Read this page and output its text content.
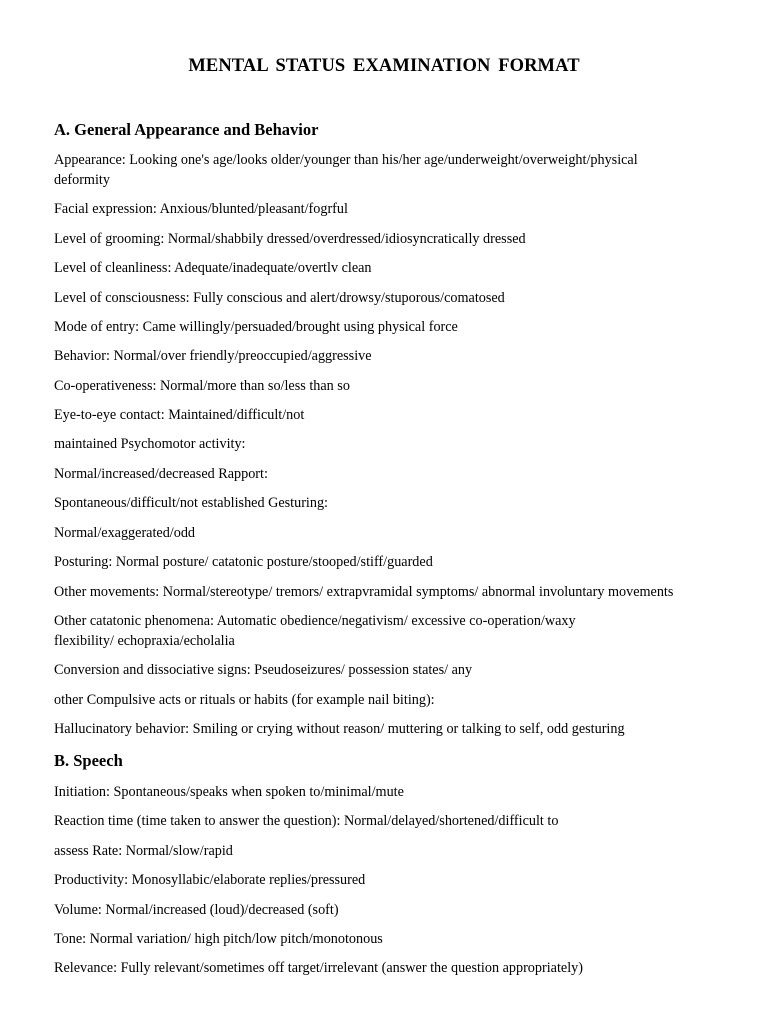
MENTAL STATUS EXAMINATION FORMAT
A. General Appearance and Behavior
Appearance: Looking one's age/looks older/younger than his/her age/underweight/overweight/physical deformity
Facial expression: Anxious/blunted/pleasant/fogrful
Level of grooming: Normal/shabbily dressed/overdressed/idiosyncratically dressed
Level of cleanliness: Adequate/inadequate/overtlv clean
Level of consciousness: Fully conscious and alert/drowsy/stuporous/comatosed
Mode of entry: Came willingly/persuaded/brought using physical force
Behavior: Normal/over friendly/preoccupied/aggressive
Co-operativeness: Normal/more than so/less than so
Eye-to-eye contact: Maintained/difficult/not
maintained Psychomotor activity:
Normal/increased/decreased Rapport:
Spontaneous/difficult/not established Gesturing:
Normal/exaggerated/odd
Posturing: Normal posture/ catatonic posture/stooped/stiff/guarded
Other movements: Normal/stereotype/ tremors/ extrapvramidal symptoms/ abnormal involuntary movements
Other catatonic phenomena: Automatic obedience/negativism/ excessive co-operation/waxy flexibility/ echopraxia/echolalia
Conversion and dissociative signs: Pseudoseizures/ possession states/ any
other Compulsive acts or rituals or habits (for example nail biting):
Hallucinatory behavior: Smiling or crying without reason/ muttering or talking to self, odd gesturing
B. Speech
Initiation: Spontaneous/speaks when spoken to/minimal/mute
Reaction time (time taken to answer the question): Normal/delayed/shortened/difficult to
assess Rate: Normal/slow/rapid
Productivity: Monosyllabic/elaborate replies/pressured
Volume: Normal/increased (loud)/decreased (soft)
Tone: Normal variation/ high pitch/low pitch/monotonous
Relevance: Fully relevant/sometimes off target/irrelevant (answer the question appropriately)
